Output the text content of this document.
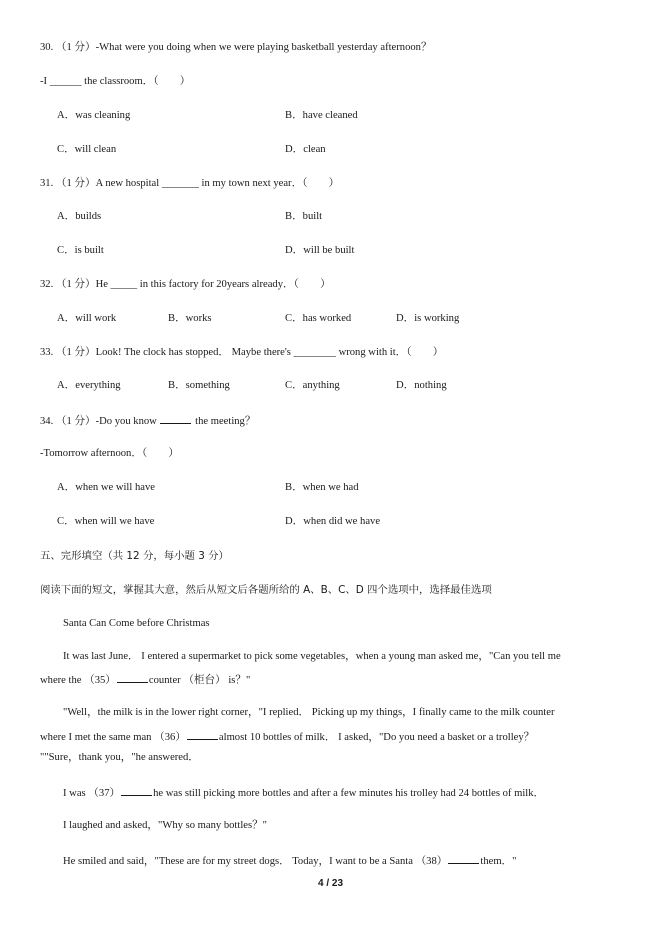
30. （1 分）-What were you doing when we were playing basketball yesterday afternoon？
-I ______ the classroom．（　　）
A．was cleaning	B．have cleaned
C．will clean	D．clean
31. （1 分）A new hospital _______ in my town next year．（　　）
A．builds	B．built
C．is built	D．will be built
32. （1 分）He _____ in this factory for 20years already．（　　）
A．will work	B．works	C．has worked	D．is working
33. （1 分）Look! The clock has stopped． Maybe there's ________ wrong with it．（　　）
A．everything	B．something	C．anything	D．nothing
34. （1 分）-Do you know	the meeting？
-Tomorrow afternoon．（　　）
A．when we will have	B．when we had
C．when will we have	D．when did we have
五、完形填空（共 12 分，每小题 3 分）
阅读下面的短文，掌握其大意，然后从短文后各题所给的 A、B、C、D 四个选项中，选择最佳选项
Santa Can Come before Christmas
It was last June． I entered a supermarket to pick some vegetables，when a young man asked me，"Can you tell me
where the （35）	counter （柜台） is？"
"Well，the milk is in the lower right corner，"I replied． Picking up my things，I finally came to the milk counter
where I met the same man （36）	almost 10 bottles of milk． I asked，"Do you need a basket or a trolley？
""Sure，thank you，"he answered．
I was （37）	he was still picking more bottles and after a few minutes his trolley had 24 bottles of milk．
I laughed and asked，"Why so many bottles？"
He smiled and said，"These are for my street dogs． Today，I want to be a Santa （38）	them．"
4 / 23
